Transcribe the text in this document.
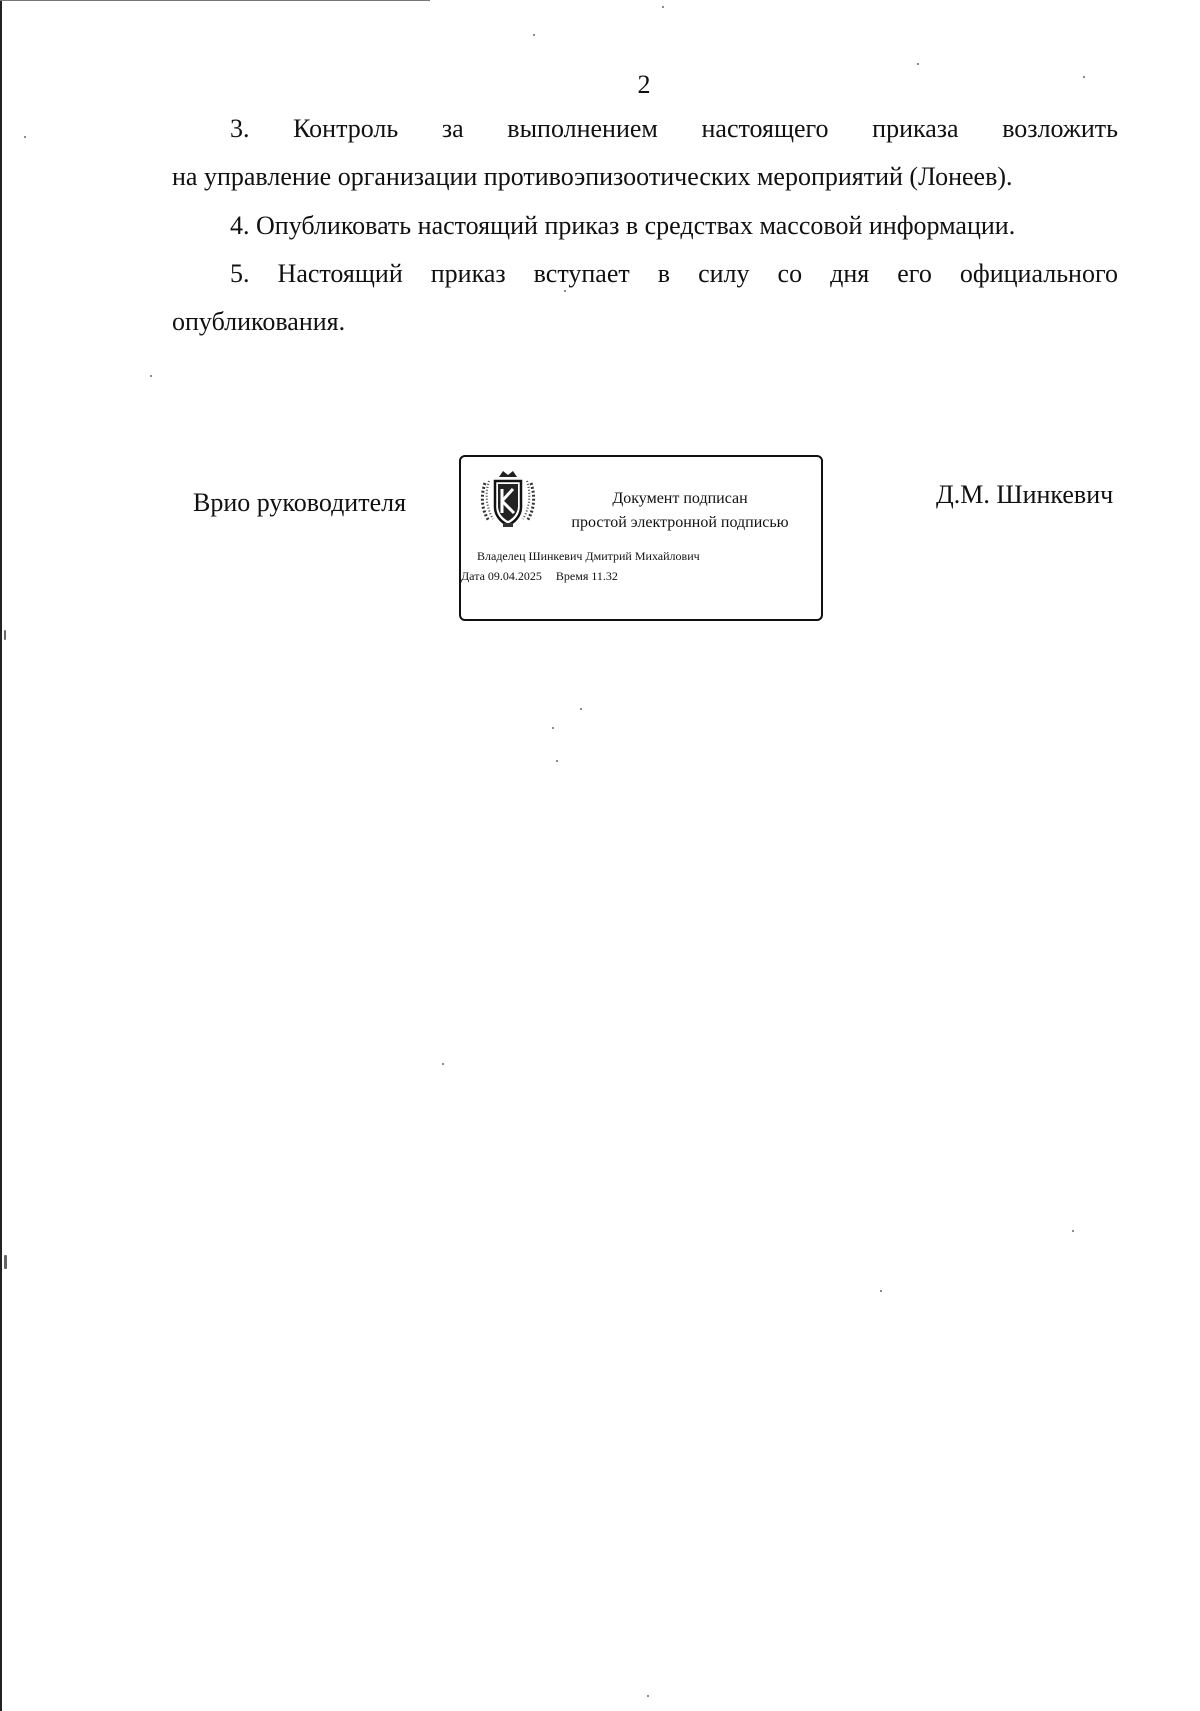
2
3. Контроль за выполнением настоящего приказа возложить
на управление организации противоэпизоотических мероприятий (Лонеев).
4. Опубликовать настоящий приказ в средствах массовой информации.
5. Настоящий приказ вступает в силу со дня его официального
опубликования.
Врио руководителя	Документ подписан
простой электронной подписью
Владелец Шинкевич Дмитрий Михайлович
Дата 09.04.2025 Время 11.32
Д.М. Шинкевич
